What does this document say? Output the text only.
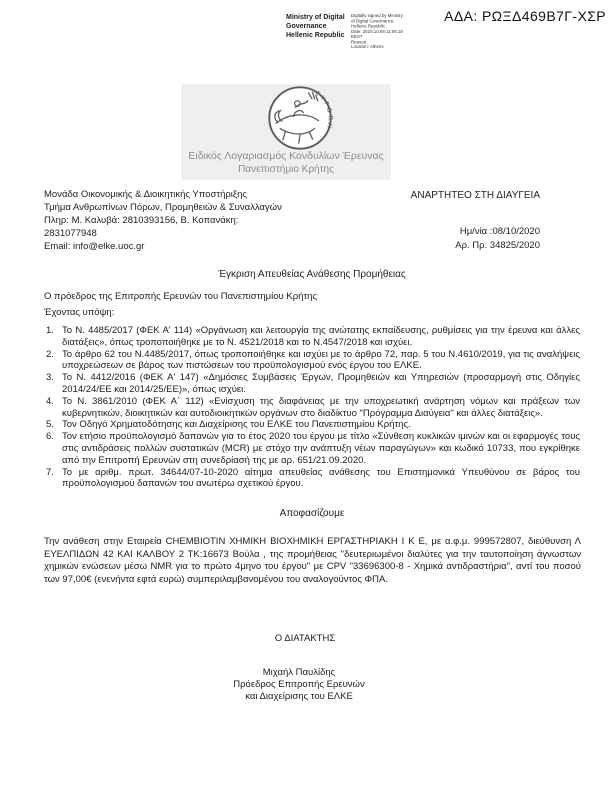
ΑΔΑ: ΡΩΞΔ469Β7Γ-ΧΣΡ
Ministry of Digital
Governance
Hellenic Republic
Digitally signed by Ministry
of Digital Governance,
Hellenic Republic
Date: 2020.10.08 11:06:18
EEST
Reason:
Location: Athens
ΕΥΡΩΠΗ
Ειδικός Λογαριασμός Κονδυλίων Έρευνας
Πανεπιστήμιο Κρήτης
Μονάδα Οικονομικής & Διοικητικής Υποστήριξης
Τμήμα Ανθρωπίνων Πόρων, Προμηθειών & Συναλλαγών
Πληρ: Μ. Καλυβά: 2810393156, Β. Κοπανάκη:
2831077948
Email: info@elke.uoc.gr
ΑΝΑΡΤΗΤΕΟ ΣΤΗ ΔΙΑΥΓΕΙΑ
Ημ/νία :08/10/2020
Αρ. Πρ. 34825/2020
Έγκριση Απευθείας Ανάθεσης Προμήθειας
Ο πρόεδρος της Επιτροπής Ερευνών του Πανεπιστημίου Κρήτης
Έχοντας υπόψη:
1. Το Ν. 4485/2017 (ΦΕΚ Α' 114) «Οργάνωση και λειτουργία της ανώτατης εκπαίδευσης, ρυθμίσεις για την έρευνα και άλλες διατάξεις», όπως τροποποιήθηκε με το Ν. 4521/2018 και το Ν.4547/2018 και ισχύει.
2. Το άρθρο 62 του Ν.4485/2017, όπως τροποποιήθηκε και ισχύει με το άρθρο 72, παρ. 5 του Ν.4610/2019, για τις αναλήψεις υποχρεώσεων σε βάρος των πιστώσεων του προϋπολογισμού ενός έργου του ΕΛΚΕ.
3. Το Ν. 4412/2016 (ΦΕΚ Α' 147) «Δημόσιες Συμβάσεις Έργων, Προμηθειών και Υπηρεσιών (προσαρμογή στις Οδηγίες 2014/24/ΕΕ και 2014/25/ΕΕ)», όπως ισχύει.
4. Το Ν. 3861/2010 (ΦΕΚ Α΄ 112) «Ενίσχυση της διαφάνειας με την υποχρεωτική ανάρτηση νόμων και πράξεων των κυβερνητικών, διοικητικών και αυτοδιοικητικών οργάνων στο διαδίκτυο "Πρόγραμμα Διαύγεια" και άλλες διατάξεις».
5. Τον Οδηγό Χρηματοδότησης και Διαχείρισης του ΕΛΚΕ του Πανεπιστημίου Κρήτης.
6. Τον ετήσιο προϋπολογισμό δαπανών για το έτος 2020 του έργου με τίτλο «Σύνθεση κυκλικών ιμινών και οι εφαρμογές τους στις αντιδράσεις πολλών συστατικών (MCR) με στόχο την ανάπτυξη νέων παραγώγων» και κωδικό 10733, που εγκρίθηκε από την Επιτροπή Ερευνών στη συνεδρίασή της με αρ. 651/21.09.2020.
7. Το με αριθμ. πρωτ. 34644/07-10-2020 αίτημα απευθείας ανάθεσης του Επιστημονικά Υπευθύνου σε βάρος του προϋπολογισμού δαπανών του ανωτέρω σχετικού έργου.
Αποφασίζουμε
Την ανάθεση στην Εταιρεία CHEMBIOTIN ΧΗΜΙΚΗ ΒΙΟΧΗΜΙΚΗ ΕΡΓΑΣΤΗΡΙΑΚΗ Ι Κ Ε, με α.φ.μ. 999572807, διεύθυνση Λ ΕΥΕΛΠΙΔΩΝ 42 ΚΑΙ ΚΑΛΒΟΥ 2 ΤΚ:16673 Βούλα , της προμήθειας "δευτεριωμένοι διαλύτες για την ταυτοποίηση άγνωστων χημικών ενώσεων μέσω NMR για το πρώτο 4μηνο του έργου" με CPV "33696300-8 - Χημικά αντιδραστήρια", αντί του ποσού των 97,00€ (ενενήντα εφτά ευρώ) συμπεριλαμβανομένου του αναλογούντος ΦΠΑ.
Ο ΔΙΑΤΑΚΤΗΣ
Μιχαήλ Παυλίδης
Πρόεδρος Επιτροπής Ερευνών
και Διαχείρισης του ΕΛΚΕ
